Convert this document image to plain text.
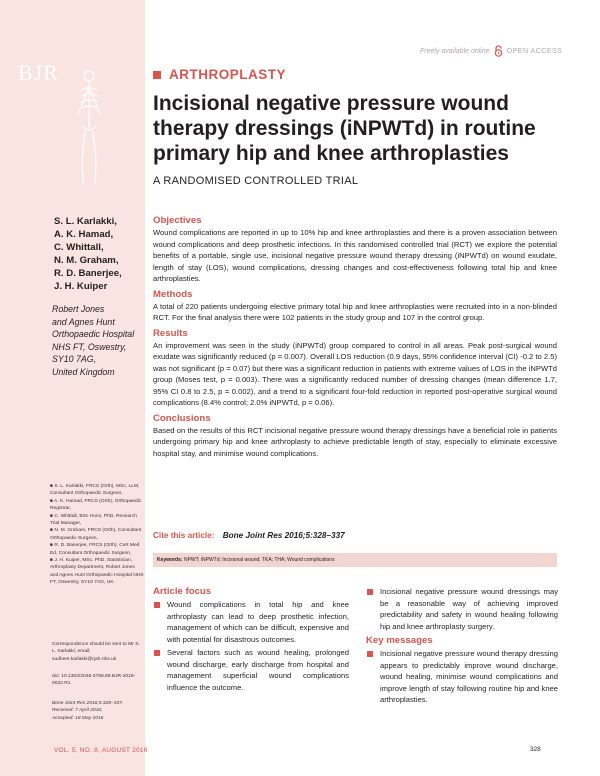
BJR
Freely available online OPEN ACCESS
ARTHROPLASTY
Incisional negative pressure wound therapy dressings (iNPWTd) in routine primary hip and knee arthroplasties
A RANDOMISED CONTROLLED TRIAL
S. L. Karlakki,
A. K. Hamad,
C. Whittall,
N. M. Graham,
R. D. Banerjee,
J. H. Kuiper
Robert Jones
and Agnes Hunt
Orthopaedic Hospital
NHS FT, Oswestry,
SY10 7AG,
United Kingdom
■ S. L. Karlakki, FRCS (Orth), MSc, LLM, Consultant Orthopaedic Surgeon,
■ A. K. Hamad, FRCS (Orth), Orthopaedic Registrar,
■ C. Whittall, BSc Hons, PhD, Research Trial Manager,
■ N. M. Graham, FRCS (Orth), Consultant Orthopaedic Surgeon,
■ R. D. Banerjee, FRCS (Orth), Cert Med Ed, Consultant Orthopaedic Surgeon,
■ J. H. Kuiper, MSc, PhD, Statistician, Arthroplasty Department, Robert Jones and Agnes Hunt Orthopaedic Hospital NHS FT, Oswestry, SY10 7AG, UK.
Correspondence should be sent to Mr S. L. Karlakki; email: sudheer.karlakki@rjah.nhs.uk
doi: 10.1302/2046-3758.58.BJR-2016-0022.R1
Bone Joint Res 2016;5:328–337.
Received: 7 April 2016;
Accepted: 18 May 2016
Objectives

Wound complications are reported in up to 10% hip and knee arthroplasties and there is a proven association between wound complications and deep prosthetic infections. In this randomised controlled trial (RCT) we explore the potential benefits of a portable, single use, incisional negative pressure wound therapy dressing (iNPWTd) on wound exudate, length of stay (LOS), wound complications, dressing changes and cost-effectiveness following total hip and knee arthroplasties.

Methods

A total of 220 patients undergoing elective primary total hip and knee arthroplasties were recruited into in a non-blinded RCT. For the final analysis there were 102 patients in the study group and 107 in the control group.

Results

An improvement was seen in the study (iNPWTd) group compared to control in all areas. Peak post-surgical wound exudate was significantly reduced (p = 0.007). Overall LOS reduction (0.9 days, 95% confidence interval (CI) -0.2 to 2.5) was not significant (p = 0.07) but there was a significant reduction in patients with extreme values of LOS in the iNPWTd group (Moses test, p = 0.003). There was a significantly reduced number of dressing changes (mean difference 1.7, 95% CI 0.8 to 2.5, p = 0.002), and a trend to a significant four-fold reduction in reported post-operative surgical wound complications (8.4% control; 2.0% iNPWTd, p = 0.06).

Conclusions

Based on the results of this RCT incisional negative pressure wound therapy dressings have a beneficial role in patients undergoing primary hip and knee arthroplasty to achieve predictable length of stay, especially to eliminate excessive hospital stay, and minimise wound complications.

Cite this article: Bone Joint Res 2016;5:328–337
Keywords: NPWT; iNPWTd; Incisional wound; TKA; THA; Wound complications
Article focus
Wound complications in total hip and knee arthroplasty can lead to deep prosthetic infection, management of which can be difficult, expensive and with potential for disastrous outcomes.
Several factors such as wound healing, prolonged wound discharge, early discharge from hospital and management superficial wound complications influence the outcome.
Incisional negative pressure wound dressings may be a reasonable way of achieving improved predictability and safety in wound healing following hip and knee arthroplasty surgery.
Key messages
Incisional negative pressure wound therapy dressing appears to predictably improve wound discharge, wound healing, minimise wound complications and improve length of stay following routine hip and knee arthroplasties.
VOL. 5, NO. 8, AUGUST 2016	328
